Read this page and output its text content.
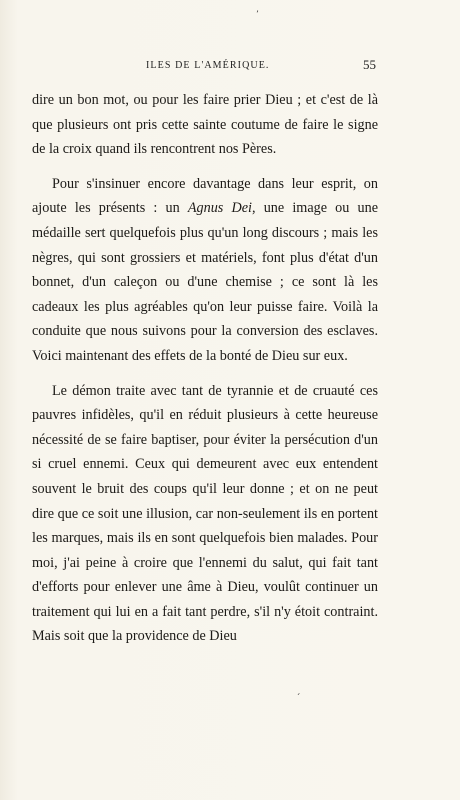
ʼ
ILES DE L'AMÉRIQUE.	55

dire un bon mot, ou pour les faire prier Dieu ; et c'est de là que plusieurs ont pris cette sainte coutume de faire le signe de la croix quand ils rencontrent nos Pères.

Pour s'insinuer encore davantage dans leur esprit, on ajoute les présents : un Agnus Dei, une image ou une médaille sert quelquefois plus qu'un long discours ; mais les nègres, qui sont grossiers et matériels, font plus d'état d'un bonnet, d'un caleçon ou d'une chemise ; ce sont là les cadeaux les plus agréables qu'on leur puisse faire. Voilà la conduite que nous suivons pour la conversion des esclaves. Voici maintenant des effets de la bonté de Dieu sur eux.

Le démon traite avec tant de tyrannie et de cruauté ces pauvres infidèles, qu'il en réduit plusieurs à cette heureuse nécessité de se faire baptiser, pour éviter la persécution d'un si cruel ennemi. Ceux qui demeurent avec eux entendent souvent le bruit des coups qu'il leur donne ; et on ne peut dire que ce soit une illusion, car non-seulement ils en portent les marques, mais ils en sont quelquefois bien malades. Pour moi, j'ai peine à croire que l'ennemi du salut, qui fait tant d'efforts pour enlever une âme à Dieu, voulût continuer un traitement qui lui en a fait tant perdre, s'il n'y étoit contraint. Mais soit que la providence de Dieu

ˏ
